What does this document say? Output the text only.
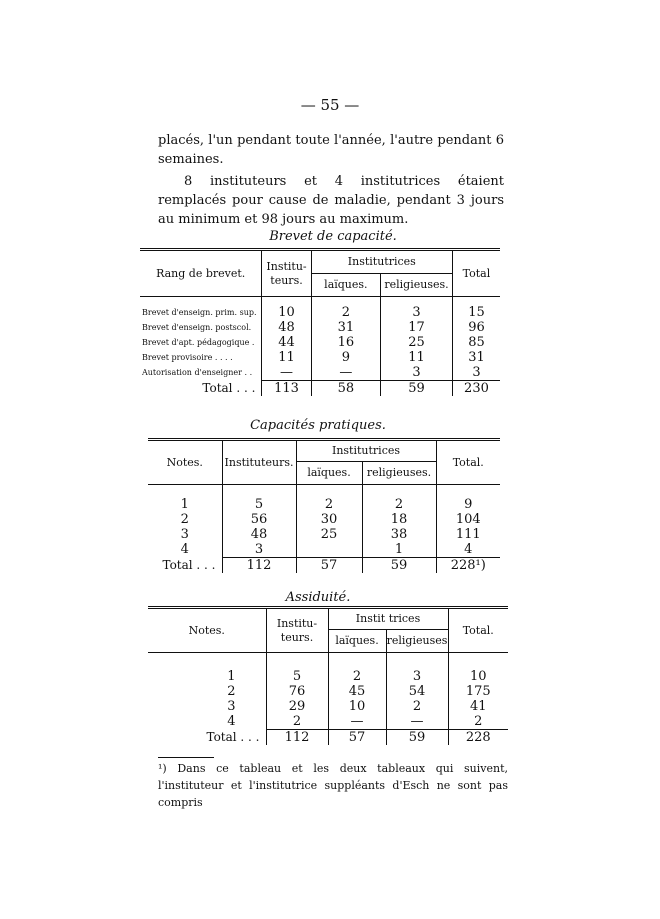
— 55 —
placés, l'un pendant toute l'année, l'autre pendant 6 semaines.
8 instituteurs et 4 institutrices étaient remplacés pour cause de maladie, pendant 3 jours au minimum et 98 jours au maximum.
Brevet de capacité.
Rang de brevet.	Institu-teurs.	Institutrices		Total
		laïques.	religieuses.	

Brevet d'enseign. prim. sup.	10	2	3	15
Brevet d'enseign. postscol.	48	31	17	96
Brevet d'apt. pédagogique .	44	16	25	85
Brevet provisoire . . . .	11	9	11	31
Autorisation d'enseigner . .	—	—	3	3
Total . . .	113	58	59	230
Capacités pratiques.
Notes.	Instituteurs.	Institutrices		Total.
		laïques.	religieuses.	

1	5	2	2	9
2	56	30	18	104
3	48	25	38	111
4	3		1	4
Total . . .	112	57	59	228¹)
Assiduité.
Notes.	Institu-teurs.	Instit trices		Total.
		laïques.	religieuses	

1	5	2	3	10
2	76	45	54	175
3	29	10	2	41
4	2	—	—	2
Total . . .	112	57	59	228
¹) Dans ce tableau et les deux tableaux qui suivent, l'instituteur et l'institutrice suppléants d'Esch ne sont pas compris
